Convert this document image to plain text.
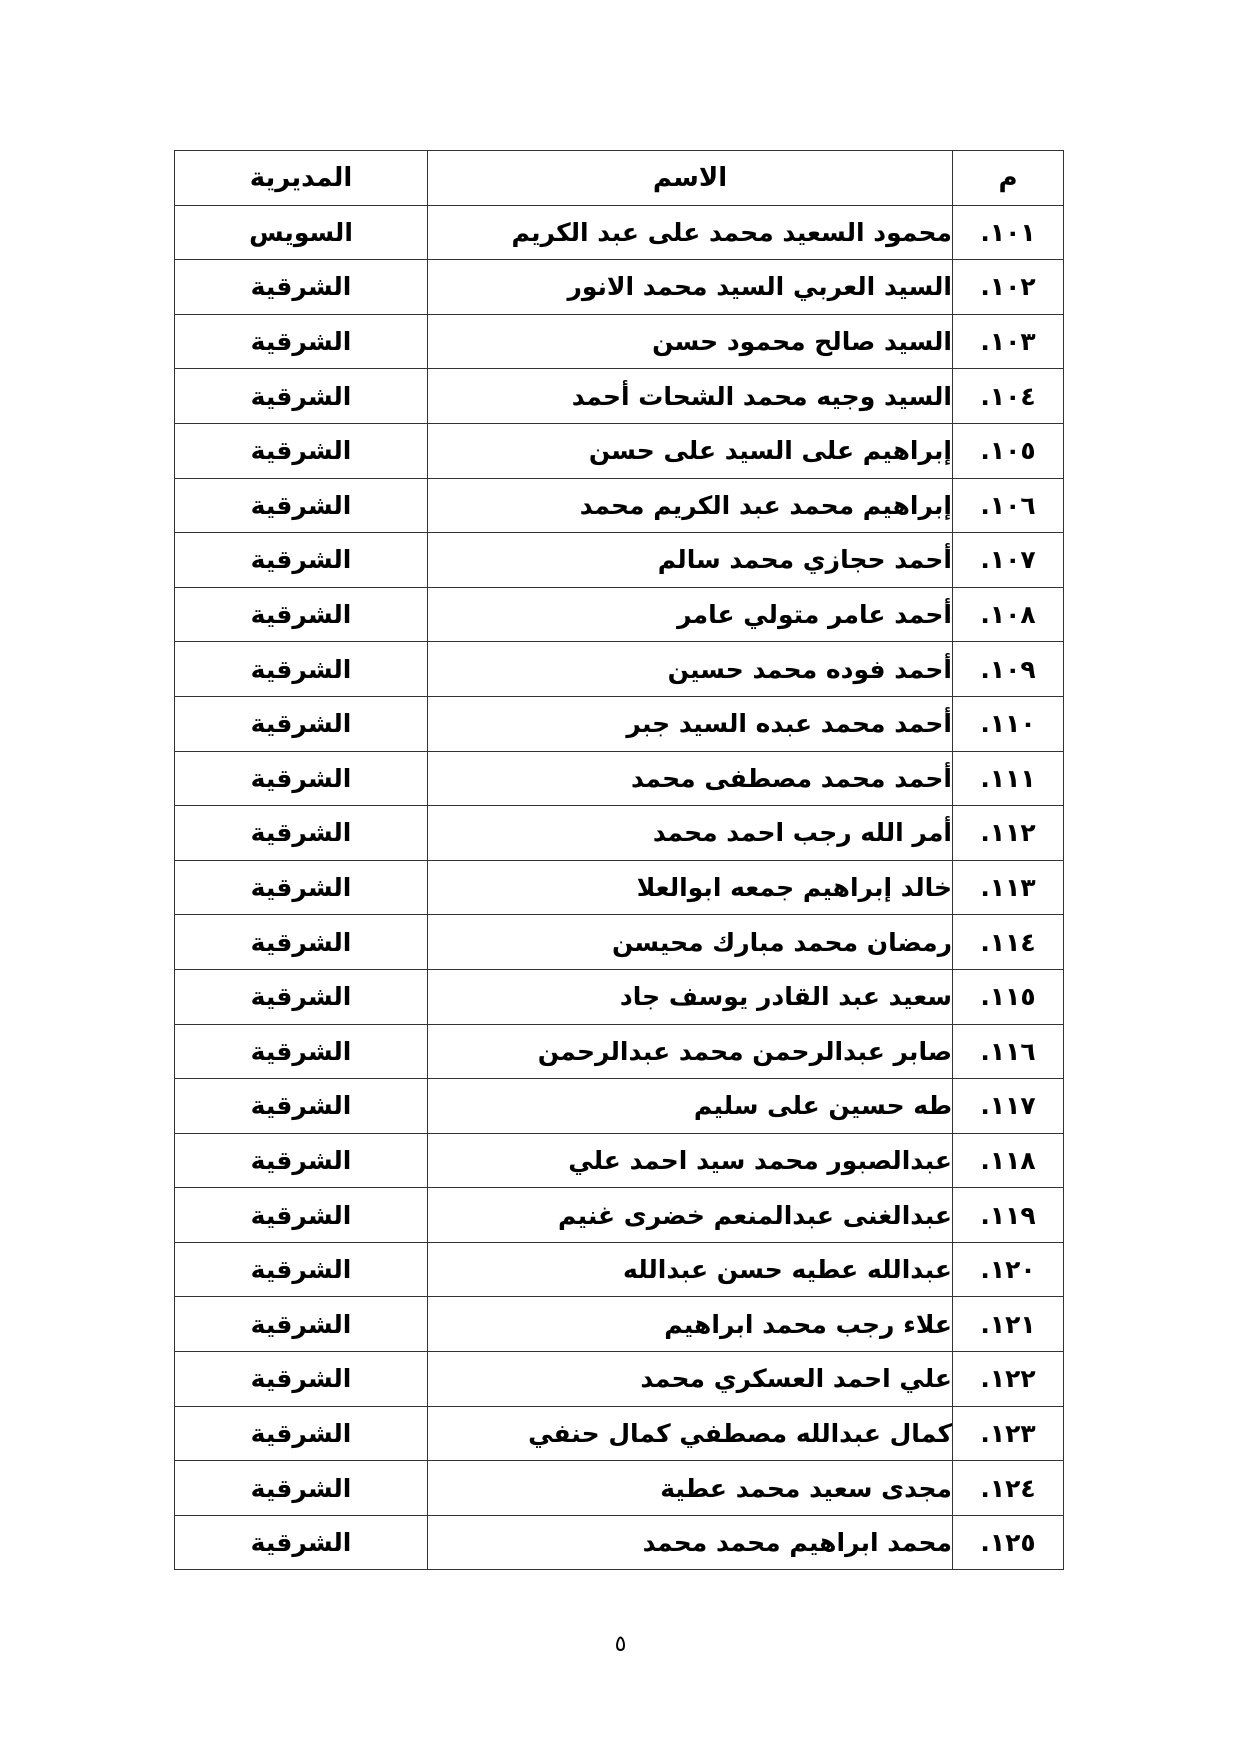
م	الاسم	المديرية
١٠١.	محمود السعيد محمد على عبد الكريم	السويس
١٠٢.	السيد العربي السيد محمد الانور	الشرقية
١٠٣.	السيد صالح محمود حسن	الشرقية
١٠٤.	السيد وجيه محمد الشحات أحمد	الشرقية
١٠٥.	إبراهيم على السيد على حسن	الشرقية
١٠٦.	إبراهيم محمد عبد الكريم محمد	الشرقية
١٠٧.	أحمد حجازي محمد سالم	الشرقية
١٠٨.	أحمد عامر متولي عامر	الشرقية
١٠٩.	أحمد فوده محمد حسين	الشرقية
١١٠.	أحمد محمد عبده السيد جبر	الشرقية
١١١.	أحمد محمد مصطفى محمد	الشرقية
١١٢.	أمر الله رجب احمد محمد	الشرقية
١١٣.	خالد إبراهيم جمعه ابوالعلا	الشرقية
١١٤.	رمضان محمد مبارك محيسن	الشرقية
١١٥.	سعيد عبد القادر يوسف جاد	الشرقية
١١٦.	صابر عبدالرحمن محمد عبدالرحمن	الشرقية
١١٧.	طه حسين على سليم	الشرقية
١١٨.	عبدالصبور محمد سيد احمد علي	الشرقية
١١٩.	عبدالغنى عبدالمنعم خضرى غنيم	الشرقية
١٢٠.	عبدالله عطيه حسن عبدالله	الشرقية
١٢١.	علاء رجب محمد ابراهيم	الشرقية
١٢٢.	علي احمد العسكري محمد	الشرقية
١٢٣.	كمال عبدالله مصطفي كمال حنفي	الشرقية
١٢٤.	مجدى سعيد محمد عطية	الشرقية
١٢٥.	محمد ابراهيم محمد محمد	الشرقية
٥
